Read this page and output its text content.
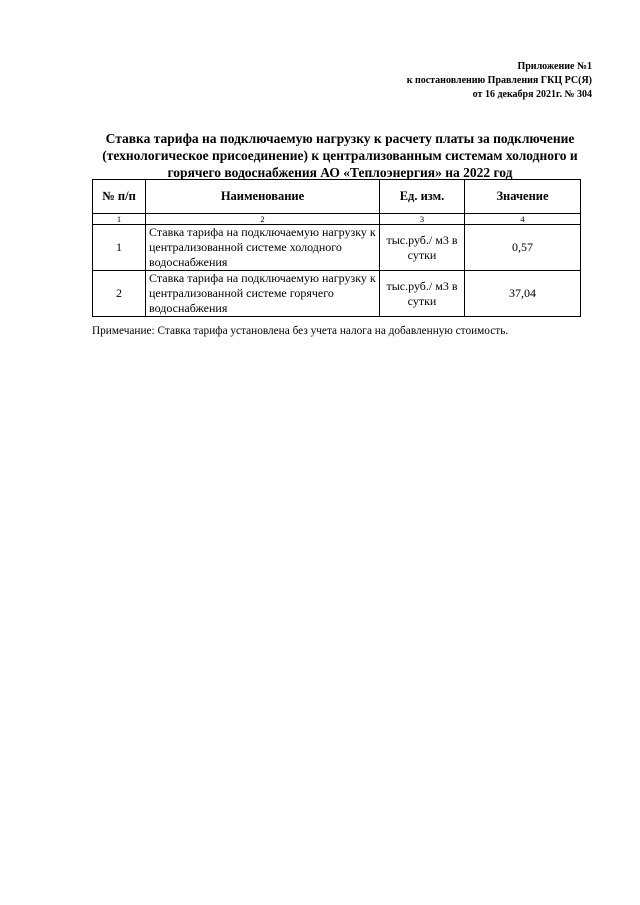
Приложение №1
к постановлению Правления ГКЦ РС(Я)
от 16 декабря 2021г. № 304
Ставка тарифа на подключаемую нагрузку к расчету платы за подключение (технологическое присоединение) к централизованным системам холодного и горячего водоснабжения АО «Теплоэнергия» на 2022 год
№ п/п	Наименование	Ед. изм.	Значение
1	2	3	4
1	Ставка тарифа на подключаемую нагрузку к централизованной системе холодного водоснабжения	тыс.руб./ м3 в сутки	0,57
2	Ставка тарифа на подключаемую нагрузку к централизованной системе горячего водоснабжения	тыс.руб./ м3 в сутки	37,04
Примечание: Ставка тарифа установлена без учета налога на добавленную стоимость.
